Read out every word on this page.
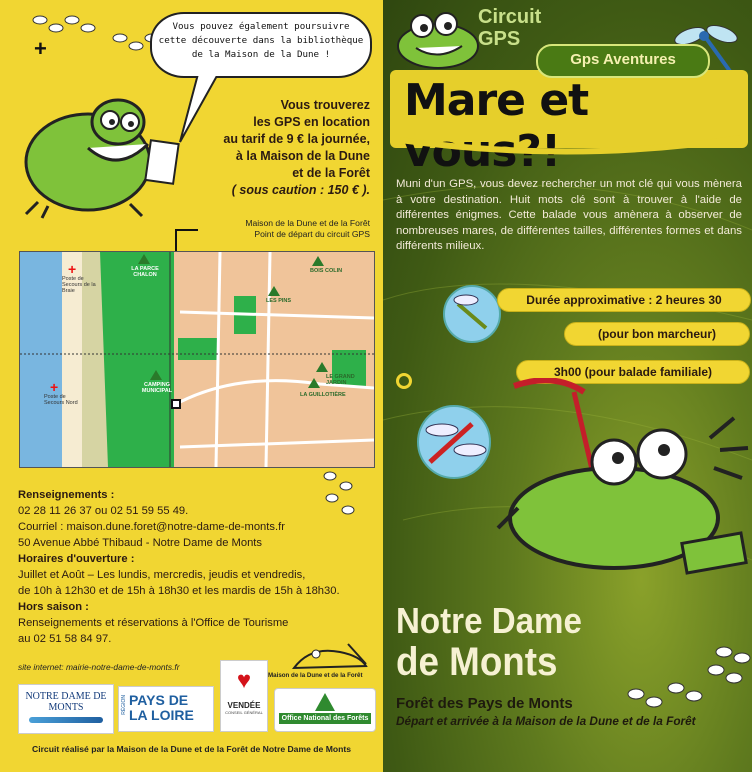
+
Vous pouvez également poursuivre
cette découverte dans la bibliothèque
de la Maison de la Dune !
Vous trouverez
les GPS en location
au tarif de 9 € la journée,
à la Maison de la Dune
et de la Forêt
( sous caution : 150 € ).
Maison de la Dune et de la Forêt
Point de départ du circuit GPS
+
+
Poste de Secours de la Braie
Poste de Secours Nord
LA PARCE CHALON
BOIS COLIN
LES PINS
CAMPING MUNICIPAL
LE GRAND JARDIN
LA GUILLOTIÈRE
Renseignements :
02 28 11 26 37 ou 02 51 59 55 49.
Courriel : maison.dune.foret@notre-dame-de-monts.fr
50 Avenue Abbé Thibaud - Notre Dame de Monts
Horaires d'ouverture :
Juillet et Août – Les lundis, mercredis, jeudis et vendredis,
de 10h à 12h30 et de 15h à 18h30 et les mardis de 15h à 18h30.
Hors saison :
Renseignements et réservations à l'Office de Tourisme
au 02 51 58 84 97.
site internet: mairie-notre-dame-de-monts.fr
Maison de la Dune et de la Forêt
NOTRE DAME DE MONTS	RÉGION PAYS DE LA LOIRE
♥
VENDÉE
CONSEIL GÉNÉRAL
Office National des Forêts
Circuit réalisé par la Maison de la Dune et de la Forêt de Notre Dame de Monts
Circuit
GPS
Gps Aventures
Mare et vous?!
Muni d'un GPS, vous devez rechercher un mot clé qui vous mènera à votre destination. Huit mots clé sont à trouver à l'aide de différentes énigmes. Cette balade vous amènera à observer de nombreuses mares, de différentes tailles, différentes formes et dans différents milieux.
Durée approximative : 2 heures 30
(pour bon marcheur)
3h00 (pour balade familiale)
Notre Dame
de Monts
Forêt des Pays de Monts
Départ et arrivée à la Maison de la Dune et de la Forêt
